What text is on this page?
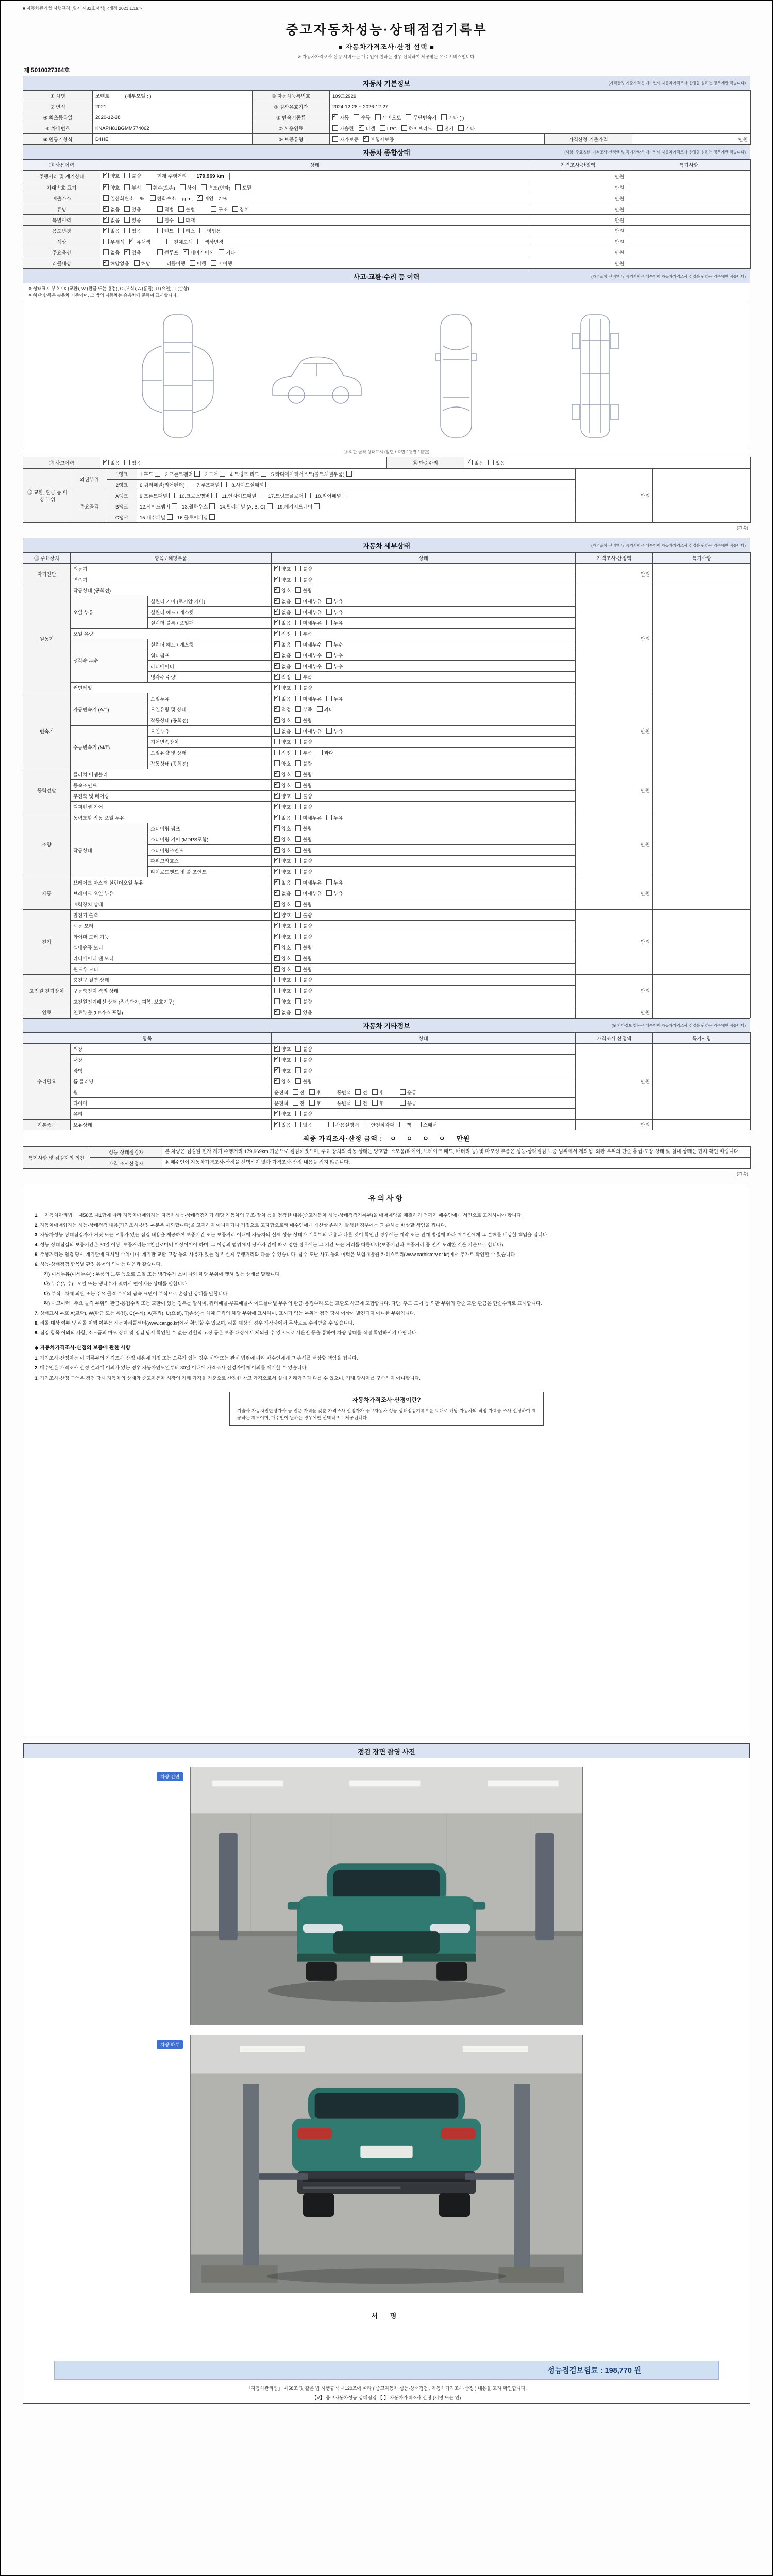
■ 자동차관리법 시행규칙 [별지 제82호서식] <개정 2021.1.19.>
중고자동차성능·상태점검기록부
■ 자동차가격조사·산정 선택 ■
※ 자동차가격조사·산정 서비스는 매수인이 원하는 경우 선택하여 제공받는 유료 서비스입니다.
제 5010027364호
자동차 기본정보	(가격산정 기준가격은 매수인이 자동차가격조사·산정을 원하는 경우에만 적습니다)
① 차명	쏘렌토 (세부모델 : )	⑩ 자동차등록번호	109모2929		
② 연식	2021	③ 검사유효기간	2024-12-28 ~ 2026-12-27		
④ 최초등록일	2020-12-28	⑤ 변속기종류	✓자동 수동 세미오토 무단변속기 기타 ( )
⑥ 차대번호	KNAPH81BGMM774062	⑦ 사용연료	가솔린 ✓ 디젤 LPG 하이브리드 전기 기타
⑧ 원동기형식	D4HE	⑨ 보증유형	자가보증 ✓ 보험사보증	가격산정 기준가격	만원
자동차 종합상태	(색상, 주요옵션, 가격조사·산정액 및 특기사항은 매수인이 자동차가격조사·산정을 원하는 경우에만 적습니다)
⑪ 사용이력	상태	가격조사·산정액	특기사항
주행거리 및 계기상태	✓양호 불량 현재 주행거리 179,969 km	만원	
차대번호 표기	✓양호 부식 훼손(오손) 상이 변조(변타) 도말	만원	
배출가스	일산화탄소 %, 탄화수소 ppm, ✓ 매연 7 %	만원	
튜닝	✓없음 있음 적법 불법 구조 장치	만원	
특별이력	✓없음 있음 침수 화재	만원	
용도변경	✓없음 있음 렌트 리스 영업용	만원	
색상	무채색 ✓ 유채색 전체도색 색상변경	만원	
주요옵션	없음 ✓ 있음 썬루프 ✓ 네비게이션 기타	만원	
리콜대상	✓해당없음 해당 리콜이행 이행 미이행	만원	
사고·교환·수리 등 이력	(가격조사·산정액 및 특기사항은 매수인이 자동차가격조사·산정을 원하는 경우에만 적습니다)
※ 상태표시 부호 : X (교환), W (판금 또는 용접), C (부식), A (흠집), U (요철), T (손상)
※ 하단 항목은 승용차 기준이며, 그 밖의 자동차는 승용차에 준하여 표시합니다.
⑫ 외판·골격 상태표시 (앞면 / 측면 / 윗면 / 밑면)
⑬ 사고이력	✓없음 있음	⑭ 단순수리	✓없음 있음
⑮ 교환, 판금 등 이상 부위	외판부위	1랭크	1.후드 2.프론트펜더 3.도어 4.트렁크 리드 5.라디에이터서포트(볼트체결부품)	만원	
		2랭크	6.쿼터패널(리어펜더) 7.루프패널 8.사이드실패널		
	주요골격	A랭크	9.프론트패널 10.크로스멤버 11.인사이드패널 17.트렁크플로어 18.리어패널		
		B랭크	12.사이드멤버 13.휠하우스 14.필러패널 (A, B, C) 19.패키지트레이		
		C랭크	15.대쉬패널 16.플로어패널		
(계속)
자동차 세부상태	(가격조사·산정액 및 특기사항은 매수인이 자동차가격조사·산정을 원하는 경우에만 적습니다)
⑯ 주요장치	항목 / 해당부품		상태	가격조사·산정액	특기사항
자기진단	원동기	✓양호 불량	만원	
	변속기	✓양호 불량
원동기	작동상태 (공회전)	✓양호 불량	만원	
	오일 누유	실린더 커버 (로커암 커버)	✓없음 미세누유 누유
		실린더 헤드 / 개스킷	✓없음 미세누유 누유
		실린더 블록 / 오일팬	✓없음 미세누유 누유
	오일 유량	✓적정 부족
	냉각수 누수	실린더 헤드 / 개스킷	✓없음 미세누수 누수
		워터펌프	✓없음 미세누수 누수
		라디에이터	✓없음 미세누수 누수
		냉각수 수량	✓적정 부족
	커먼레일	✓양호 불량
변속기	자동변속기 (A/T)	오일누유	✓없음 미세누유 누유	만원	
		오일유량 및 상태	✓적정 부족 과다
		작동상태 (공회전)	✓양호 불량
	수동변속기 (M/T)	오일누유	없음 미세누유 누유		
		기어변속장치	양호 불량		
		오일유량 및 상태	적정 부족 과다		
		작동상태 (공회전)	양호 불량		
동력전달	클러치 어셈블리	✓양호 불량	만원	
	등속조인트	✓양호 불량
	추진축 및 베어링	✓양호 불량
	디퍼렌셜 기어	✓양호 불량
조향	동력조향 작동 오일 누유	✓없음 미세누유 누유	만원	
	작동상태	스티어링 펌프	✓양호 불량
		스티어링 기어 (MDPS포함)	✓양호 불량
		스티어링조인트	✓양호 불량
		파워고압호스	✓양호 불량
		타이로드엔드 및 볼 조인트	✓양호 불량
제동	브레이크 마스터 실린더오일 누유	✓없음 미세누유 누유	만원	
	브레이크 오일 누유	✓없음 미세누유 누유
	배력장치 상태	✓양호 불량
전기	발전기 출력	✓양호 불량	만원	
	시동 모터	✓양호 불량
	와이퍼 모터 기능	✓양호 불량
	실내송풍 모터	✓양호 불량
	라디에이터 팬 모터	✓양호 불량
	윈도우 모터	✓양호 불량
고전원 전기장치	충전구 절연 상태		양호 불량	만원	
	구동축전지 격리 상태		양호 불량		
	고전원전기배선 상태 (접속단자, 피복, 보호기구)		양호 불량		
연료	연료누출 (LP가스 포함)	✓없음 있음	만원	
자동차 기타정보	(※ 기타정보 항목은 매수인이 자동차가격조사·산정을 원하는 경우에만 적습니다)
항목		상태	가격조사·산정액	특기사항
수리필요	외장	✓양호 불량	만원	
	내장	✓양호 불량
	광택	✓양호 불량
	룸 클리닝	✓양호 불량
	휠	운전석 전 후 동반석 전 후 응급		
	타이어	운전석 전 후 동반석 전 후 응급		
	유리	✓양호 불량
기본품목	보유상태	✓있음 없음 사용설명서 안전삼각대 잭 스패너	만원	
최종 가격조사·산정 금액 : ㅇ ㅇ ㅇ ㅇ 만원
특기사항 및 점검자의 의견	성능·상태점검자	본 차량은 점검일 현재 계기 주행거리 179,969km 기준으로 점검하였으며, 주요 장치의 작동 상태는 양호함. 소모품(타이어, 브레이크 패드, 배터리 등) 및 마모성 부품은 성능·상태점검 보증 범위에서 제외됨. 외판 부위의 단순 흠집·도장 상태 및 실내 상태는 현차 확인 바랍니다.
	가격·조사산정자	※ 매수인이 자동차가격조사·산정을 선택하지 않아 가격조사·산정 내용을 적지 않습니다.
(계속)
유의사항
1. 「자동차관리법」 제58조 제1항에 따라 자동차매매업자는 자동차성능·상태점검자가 해당 자동차의 구조·장치 등을 점검한 내용(중고자동차 성능·상태점검기록부)을 매매계약을 체결하기 전까지 매수인에게 서면으로 고지하여야 합니다.
2. 자동차매매업자는 성능·상태점검 내용(가격조사·산정 부분은 제외합니다)을 고지하지 아니하거나 거짓으로 고지함으로써 매수인에게 재산상 손해가 발생한 경우에는 그 손해를 배상할 책임을 집니다.
3. 자동차성능·상태점검자가 거짓 또는 오류가 있는 점검 내용을 제공하여 보증기간 또는 보증거리 이내에 자동차의 실제 성능·상태가 기록부의 내용과 다른 것이 확인된 경우에는 계약 또는 관계 법령에 따라 매수인에게 그 손해를 배상할 책임을 집니다.
4. 성능·상태점검의 보증기간은 30일 이상, 보증거리는 2천킬로미터 이상이어야 하며, 그 이상의 범위에서 당사자 간에 따로 정한 경우에는 그 기간 또는 거리를 따릅니다(보증기간과 보증거리 중 먼저 도래한 것을 기준으로 합니다).
5. 주행거리는 점검 당시 계기판에 표시된 수치이며, 계기판 교환·고장 등의 사유가 있는 경우 실제 주행거리와 다를 수 있습니다. 침수·도난·사고 등의 이력은 보험개발원 카히스토리(www.carhistory.or.kr)에서 추가로 확인할 수 있습니다.
6. 성능·상태점검 항목별 판정 용어의 의미는 다음과 같습니다.
가) 미세누유(미세누수) : 부품의 노후 등으로 오일 또는 냉각수가 스며 나와 해당 부위에 맺혀 있는 상태를 말합니다.
나) 누유(누수) : 오일 또는 냉각수가 맺혀서 떨어지는 상태를 말합니다.
다) 부식 : 차체 외판 또는 주요 골격 부위의 금속 표면이 부식으로 손상된 상태를 말합니다.
라) 사고이력 : 주요 골격 부위의 판금·용접수리 또는 교환이 있는 경우를 말하며, 쿼터패널·루프패널·사이드실패널 부위의 판금·용접수리 또는 교환도 사고에 포함합니다. 다만, 후드·도어 등 외판 부위의 단순 교환·판금은 단순수리로 표시합니다.
7. 상태표시 부호 X(교환), W(판금 또는 용접), C(부식), A(흠집), U(요철), T(손상)는 차체 그림의 해당 부위에 표시하며, 표시가 없는 부위는 점검 당시 이상이 발견되지 아니한 부위입니다.
8. 리콜 대상 여부 및 리콜 이행 여부는 자동차리콜센터(www.car.go.kr)에서 확인할 수 있으며, 리콜 대상인 경우 제작사에서 무상으로 수리받을 수 있습니다.
9. 점검 항목 이외의 사항, 소모품의 마모 상태 및 점검 당시 확인할 수 없는 간헐적 고장 등은 보증 대상에서 제외될 수 있으므로 시운전 등을 통하여 차량 상태를 직접 확인하시기 바랍니다.
◆ 자동차가격조사·산정의 보증에 관한 사항
1. 가격조사·산정자는 이 기록부의 가격조사·산정 내용에 거짓 또는 오류가 있는 경우 계약 또는 관계 법령에 따라 매수인에게 그 손해를 배상할 책임을 집니다.
2. 매수인은 가격조사·산정 결과에 이의가 있는 경우 자동차인도일부터 30일 이내에 가격조사·산정자에게 이의를 제기할 수 있습니다.
3. 가격조사·산정 금액은 점검 당시 자동차의 상태와 중고자동차 시장의 거래 가격을 기준으로 산정한 참고 가격으로서 실제 거래가격과 다를 수 있으며, 거래 당사자를 구속하지 아니합니다.
자동차가격조사·산정이란?
기술사·자동차진단평가사 등 전문 자격을 갖춘 가격조사·산정자가 중고자동차 성능·상태점검기록부를 토대로 해당 자동차의 적정 가격을 조사·산정하여 제공하는 제도이며, 매수인이 원하는 경우에만 선택적으로 제공됩니다.
점검 장면 촬영 사진
차량 전면
차량 하부
서 명
성능점검보험료 : 198,770 원
「자동차관리법」 제58조 및 같은 법 시행규칙 제120조에 따라 ( 중고자동차 성능·상태점검 , 자동차가격조사·산정 ) 내용을 고지·확인합니다.
【V】 중고자동차성능·상태점검 【 】 자동차가격조사·산정 (서명 또는 인)
